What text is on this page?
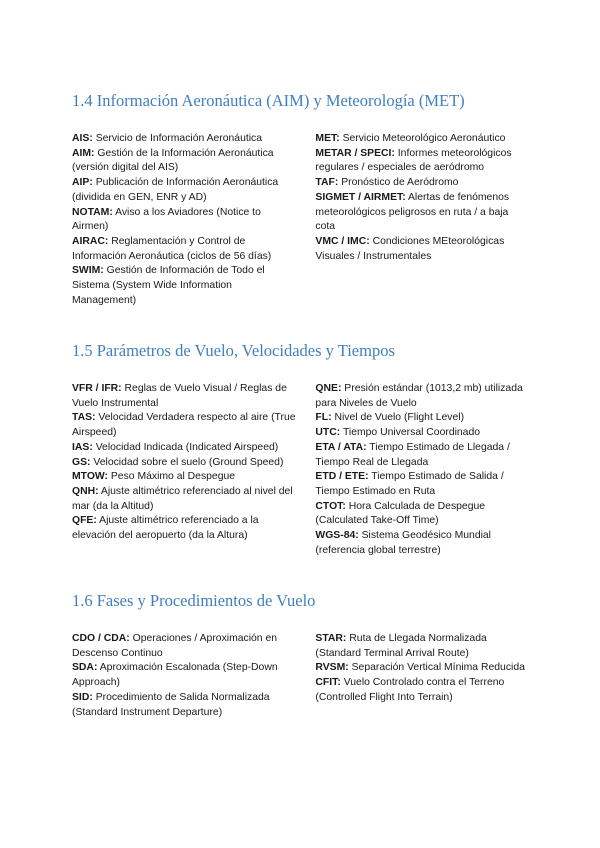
1.4 Información Aeronáutica (AIM) y Meteorología (MET)

AIS: Servicio de Información Aeronáutica

AIM: Gestión de la Información Aeronáutica (versión digital del AIS)

AIP: Publicación de Información Aeronáutica (dividida en GEN, ENR y AD)

NOTAM: Aviso a los Aviadores (Notice to Airmen)

AIRAC: Reglamentación y Control de Información Aeronáutica (ciclos de 56 días)

SWIM: Gestión de Información de Todo el Sistema (System Wide Information Management)

MET: Servicio Meteorológico Aeronáutico

METAR / SPECI: Informes meteorológicos regulares / especiales de aeródromo

TAF: Pronóstico de Aeródromo

SIGMET / AIRMET: Alertas de fenómenos meteorológicos peligrosos en ruta / a baja cota

VMC / IMC: Condiciones MEteorológicas Visuales / Instrumentales

1.5 Parámetros de Vuelo, Velocidades y Tiempos

VFR / IFR: Reglas de Vuelo Visual / Reglas de Vuelo Instrumental

TAS: Velocidad Verdadera respecto al aire (True Airspeed)

IAS: Velocidad Indicada (Indicated Airspeed)

GS: Velocidad sobre el suelo (Ground Speed)

MTOW: Peso Máximo al Despegue

QNH: Ajuste altimétrico referenciado al nivel del mar (da la Altitud)

QFE: Ajuste altimétrico referenciado a la elevación del aeropuerto (da la Altura)

QNE: Presión estándar (1013,2 mb) utilizada para Niveles de Vuelo

FL: Nivel de Vuelo (Flight Level)

UTC: Tiempo Universal Coordinado

ETA / ATA: Tiempo Estimado de Llegada / Tiempo Real de Llegada

ETD / ETE: Tiempo Estimado de Salida / Tiempo Estimado en Ruta

CTOT: Hora Calculada de Despegue (Calculated Take-Off Time)

WGS-84: Sistema Geodésico Mundial (referencia global terrestre)

1.6 Fases y Procedimientos de Vuelo

CDO / CDA: Operaciones / Aproximación en Descenso Continuo

SDA: Aproximación Escalonada (Step-Down Approach)

SID: Procedimiento de Salida Normalizada (Standard Instrument Departure)

STAR: Ruta de Llegada Normalizada (Standard Terminal Arrival Route)

RVSM: Separación Vertical Mínima Reducida

CFIT: Vuelo Controlado contra el Terreno (Controlled Flight Into Terrain)
